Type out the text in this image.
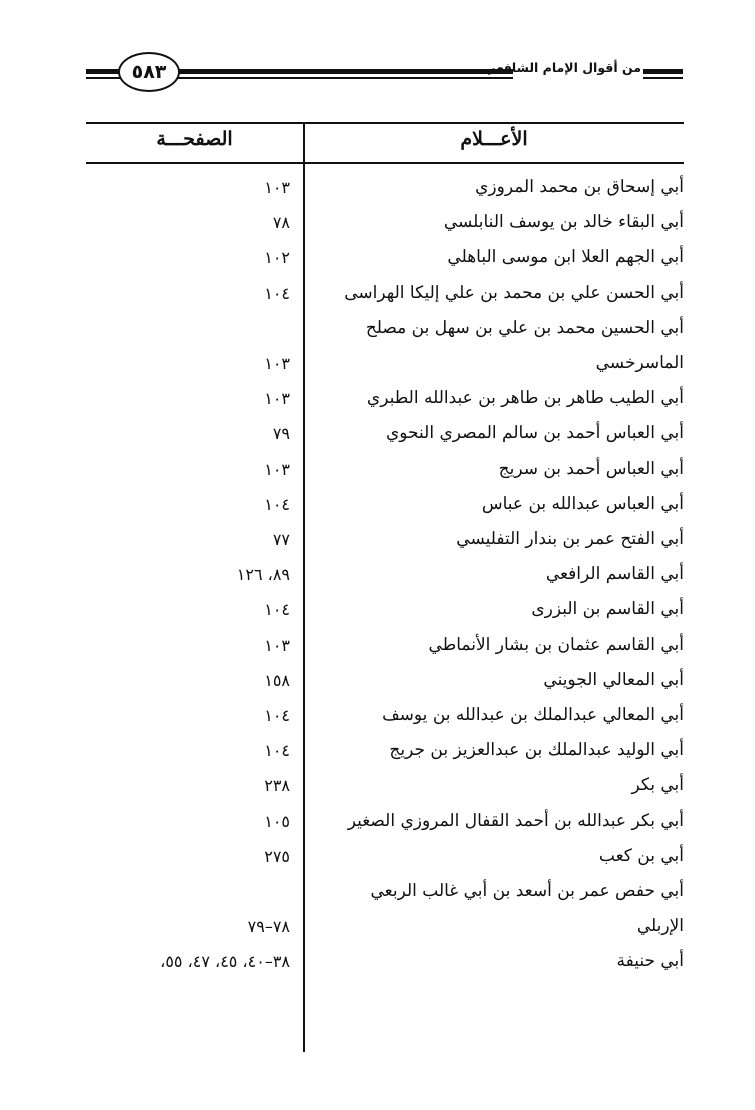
٥٨٣	من أقوال الإمام الشافعي
الأعـــلام
الصفحـــة
أبي إسحاق بن محمد المروزي
١٠٣
أبي البقاء خالد بن يوسف النابلسي
٧٨
أبي الجهم العلا ابن موسى الباهلي
١٠٢
أبي الحسن علي بن محمد بن علي إليكا الهراسى
١٠٤
أبي الحسين محمد بن علي بن سهل بن مصلح
الماسرخسي
١٠٣
أبي الطيب طاهر بن طاهر بن عبدالله الطبري
١٠٣
أبي العباس أحمد بن سالم المصري النحوي
٧٩
أبي العباس أحمد بن سريج
١٠٣
أبي العباس عبدالله بن عباس
١٠٤
أبي الفتح عمر بن بندار التفليسي
٧٧
أبي القاسم الرافعي
٨٩، ١٢٦
أبي القاسم بن البزرى
١٠٤
أبي القاسم عثمان بن بشار الأنماطي
١٠٣
أبي المعالي الجويني
١٥٨
أبي المعالي عبدالملك بن عبدالله بن يوسف
١٠٤
أبي الوليد عبدالملك بن عبدالعزيز بن جريج
١٠٤
أبي بكر
٢٣٨
أبي بكر عبدالله بن أحمد القفال المروزي الصغير
١٠٥
أبي بن كعب
٢٧٥
أبي حفص عمر بن أسعد بن أبي غالب الربعي
الإربلي
٧٨–٧٩
أبي حنيفة
٣٨–٤٠، ٤٥، ٤٧، ٥٥،
